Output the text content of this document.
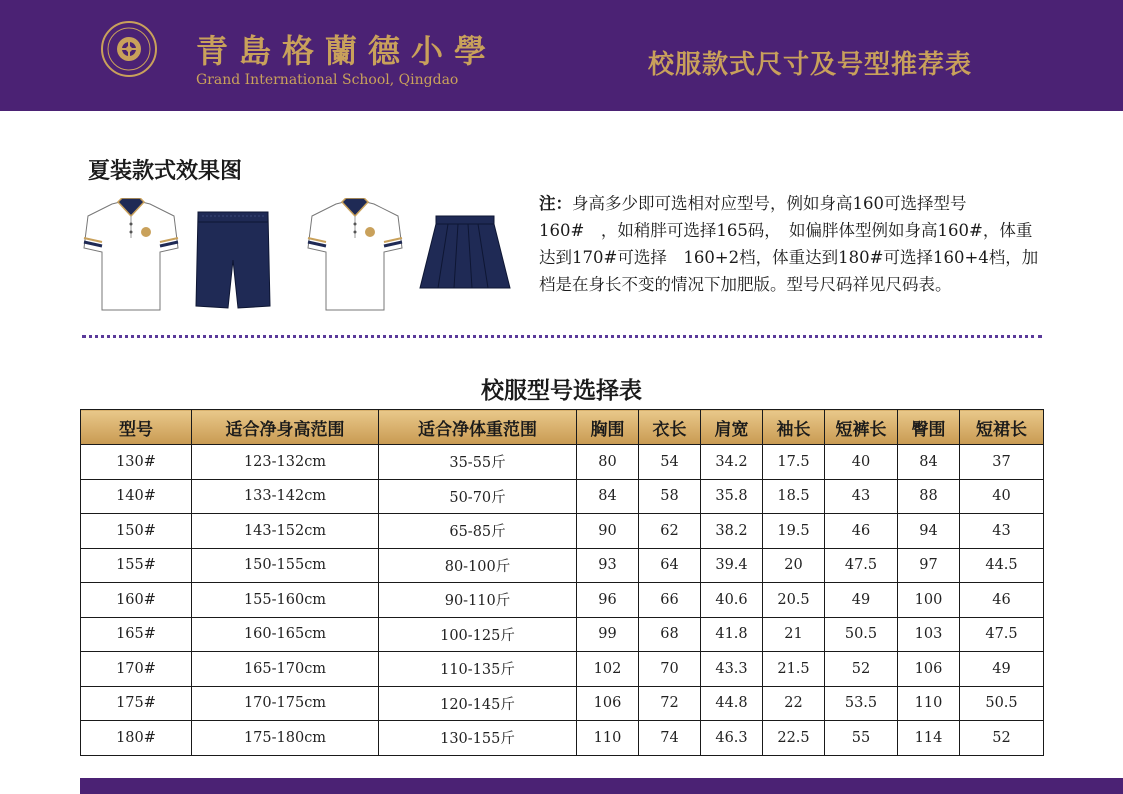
青島格蘭德小學
Grand International School, Qingdao	校服款式尺寸及号型推荐表
夏装款式效果图
注：身高多少即可选相对应型号，例如身高160可选择型号160#　，如稍胖可选择165码，　如偏胖体型例如身高160#，体重达到170#可选择　160+2档，体重达到180#可选择160+4档，加档是在身长不变的情况下加肥版。型号尺码祥见尺码表。
校服型号选择表
型号	适合净身高范围	适合净体重范围	胸围	衣长	肩宽	袖长	短裤长	臀围	短裙长
130#	123-132cm	35-55斤	80	54	34.2	17.5	40	84	37
140#	133-142cm	50-70斤	84	58	35.8	18.5	43	88	40
150#	143-152cm	65-85斤	90	62	38.2	19.5	46	94	43
155#	150-155cm	80-100斤	93	64	39.4	20	47.5	97	44.5
160#	155-160cm	90-110斤	96	66	40.6	20.5	49	100	46
165#	160-165cm	100-125斤	99	68	41.8	21	50.5	103	47.5
170#	165-170cm	110-135斤	102	70	43.3	21.5	52	106	49
175#	170-175cm	120-145斤	106	72	44.8	22	53.5	110	50.5
180#	175-180cm	130-155斤	110	74	46.3	22.5	55	114	52
